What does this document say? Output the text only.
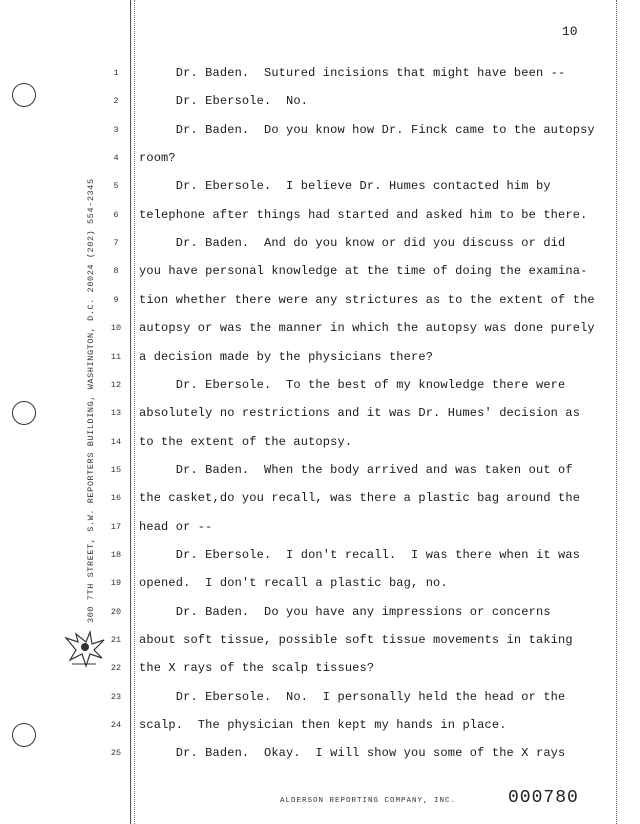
10
300 7TH STREET, S.W. REPORTERS BUILDING, WASHINGTON, D.C. 20024 (202) 554-2345
1	Dr. Baden.  Sutured incisions that might have been --
2	Dr. Ebersole.  No.
3	Dr. Baden.  Do you know how Dr. Finck came to the autopsy
4	room?
5	Dr. Ebersole.  I believe Dr. Humes contacted him by
6	telephone after things had started and asked him to be there.
7	Dr. Baden.  And do you know or did you discuss or did
8	you have personal knowledge at the time of doing the examina-
9	tion whether there were any strictures as to the extent of the
10	autopsy or was the manner in which the autopsy was done purely
11	a decision made by the physicians there?
12	Dr. Ebersole.  To the best of my knowledge there were
13	absolutely no restrictions and it was Dr. Humes' decision as
14	to the extent of the autopsy.
15	Dr. Baden.  When the body arrived and was taken out of
16	the casket,do you recall, was there a plastic bag around the
17	head or --
18	Dr. Ebersole.  I don't recall.  I was there when it was
19	opened.  I don't recall a plastic bag, no.
20	Dr. Baden.  Do you have any impressions or concerns
21	about soft tissue, possible soft tissue movements in taking
22	the X rays of the scalp tissues?
23	Dr. Ebersole.  No.  I personally held the head or the
24	scalp.  The physician then kept my hands in place.
25	Dr. Baden.  Okay.  I will show you some of the X rays
ALDERSON REPORTING COMPANY, INC.	000780
